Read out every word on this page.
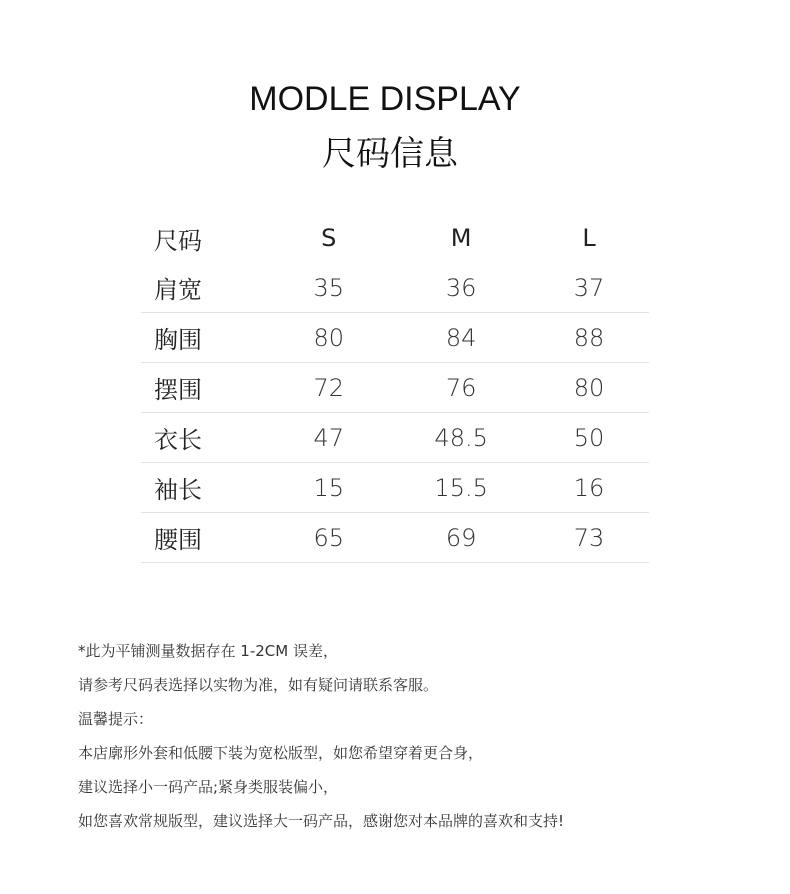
MODLE DISPLAY
尺码信息
尺码	S	M	L
肩宽	35	36	37
胸围	80	84	88
摆围	72	76	80
衣长	47	48.5	50
袖长	15	15.5	16
腰围	65	69	73

*此为平铺测量数据存在 1-2CM 误差，

请参考尺码表选择以实物为准，如有疑问请联系客服。

温馨提示：

本店廓形外套和低腰下装为宽松版型，如您希望穿着更合身，

建议选择小一码产品;紧身类服装偏小，

如您喜欢常规版型，建议选择大一码产品，感谢您对本品牌的喜欢和支持!
